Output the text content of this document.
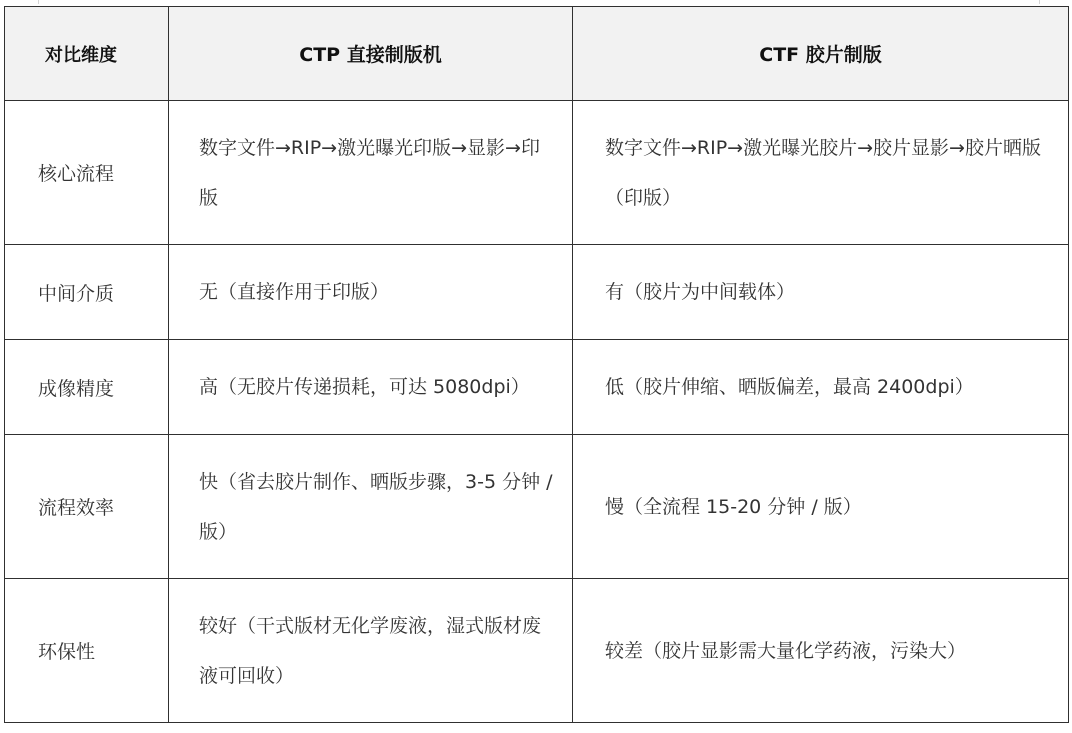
对比维度	CTP 直接制版机	CTF 胶片制版
核心流程	数字文件→RIP→激光曝光印版→显影→印版	数字文件→RIP→激光曝光胶片→胶片显影→胶片晒版（印版）
中间介质	无（直接作用于印版）	有（胶片为中间载体）
成像精度	高（无胶片传递损耗，可达 5080dpi）	低（胶片伸缩、晒版偏差，最高 2400dpi）
流程效率	快（省去胶片制作、晒版步骤，3-5 分钟 / 版）	慢（全流程 15-20 分钟 / 版）
环保性	较好（干式版材无化学废液，湿式版材废液可回收）	较差（胶片显影需大量化学药液，污染大）
